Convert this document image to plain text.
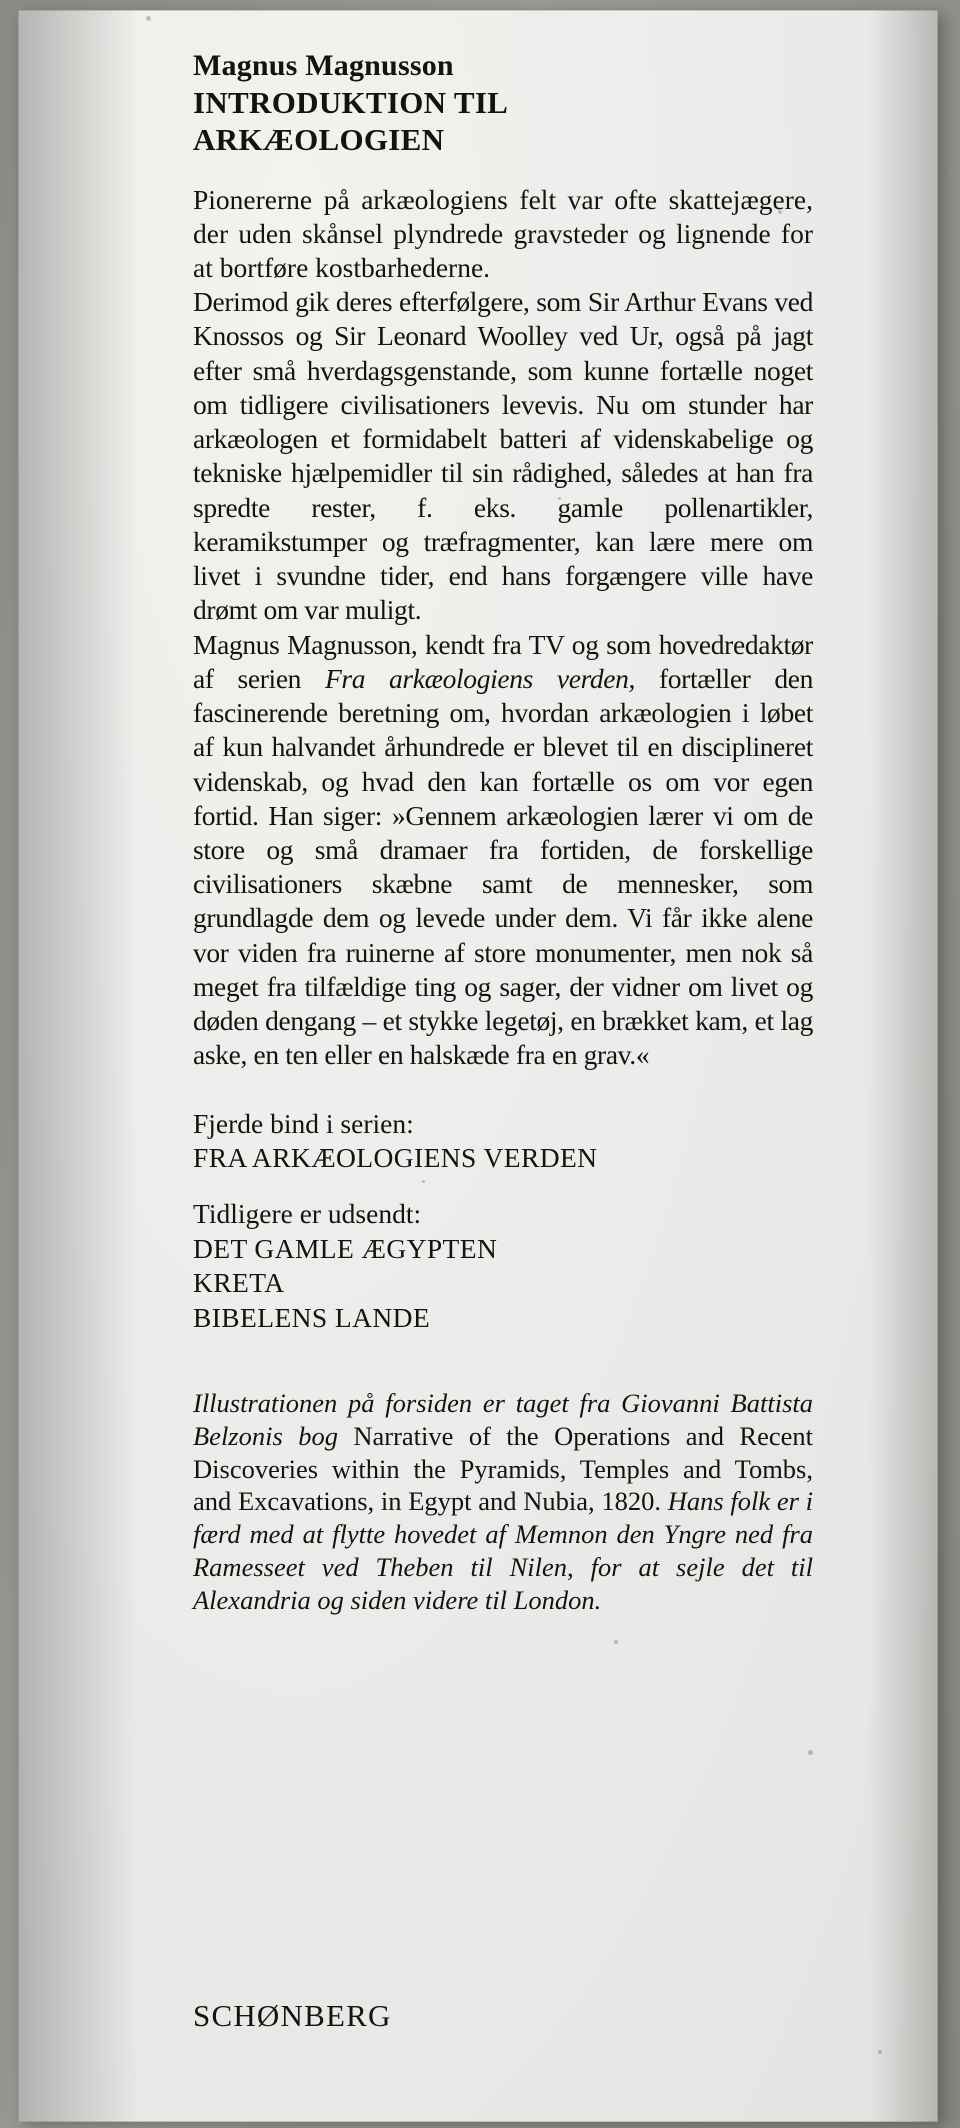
Magnus Magnusson
INTRODUKTION TIL
ARKÆOLOGIEN

Pionererne på arkæologiens felt var ofte skattejægere, der uden skånsel plyndrede gravsteder og lignende for at bortføre kostbarhederne.

Derimod gik deres efterfølgere, som Sir Arthur Evans ved Knossos og Sir Leonard Woolley ved Ur, også på jagt efter små hverdagsgenstande, som kunne fortælle noget om tidligere civilisationers levevis. Nu om stunder har arkæologen et formidabelt batteri af videnskabelige og tekniske hjælpemidler til sin rådighed, således at han fra spredte rester, f. eks. gamle pollenartikler, keramikstumper og træfragmenter, kan lære mere om livet i svundne tider, end hans forgængere ville have drømt om var muligt.

Magnus Magnusson, kendt fra TV og som hovedredaktør af serien Fra arkæologiens verden, fortæller den fascinerende beretning om, hvordan arkæologien i løbet af kun halvandet århundrede er blevet til en disciplineret videnskab, og hvad den kan fortælle os om vor egen fortid. Han siger: »Gennem arkæologien lærer vi om de store og små dramaer fra fortiden, de forskellige civilisationers skæbne samt de mennesker, som grundlagde dem og levede under dem. Vi får ikke alene vor viden fra ruinerne af store monumenter, men nok så meget fra tilfældige ting og sager, der vidner om livet og døden dengang – et stykke legetøj, en brækket kam, et lag aske, en ten eller en halskæde fra en grav.«

Fjerde bind i serien:
FRA ARKÆOLOGIENS VERDEN
Tidligere er udsendt:
DET GAMLE ÆGYPTEN
KRETA
BIBELENS LANDE
Illustrationen på forsiden er taget fra Giovanni Battista Belzonis bog Narrative of the Operations and Recent Discoveries within the Pyramids, Temples and Tombs, and Excavations, in Egypt and Nubia, 1820. Hans folk er i færd med at flytte hovedet af Memnon den Yngre ned fra Ramesseet ved Theben til Nilen, for at sejle det til Alexandria og siden videre til London.
SCHØNBERG
